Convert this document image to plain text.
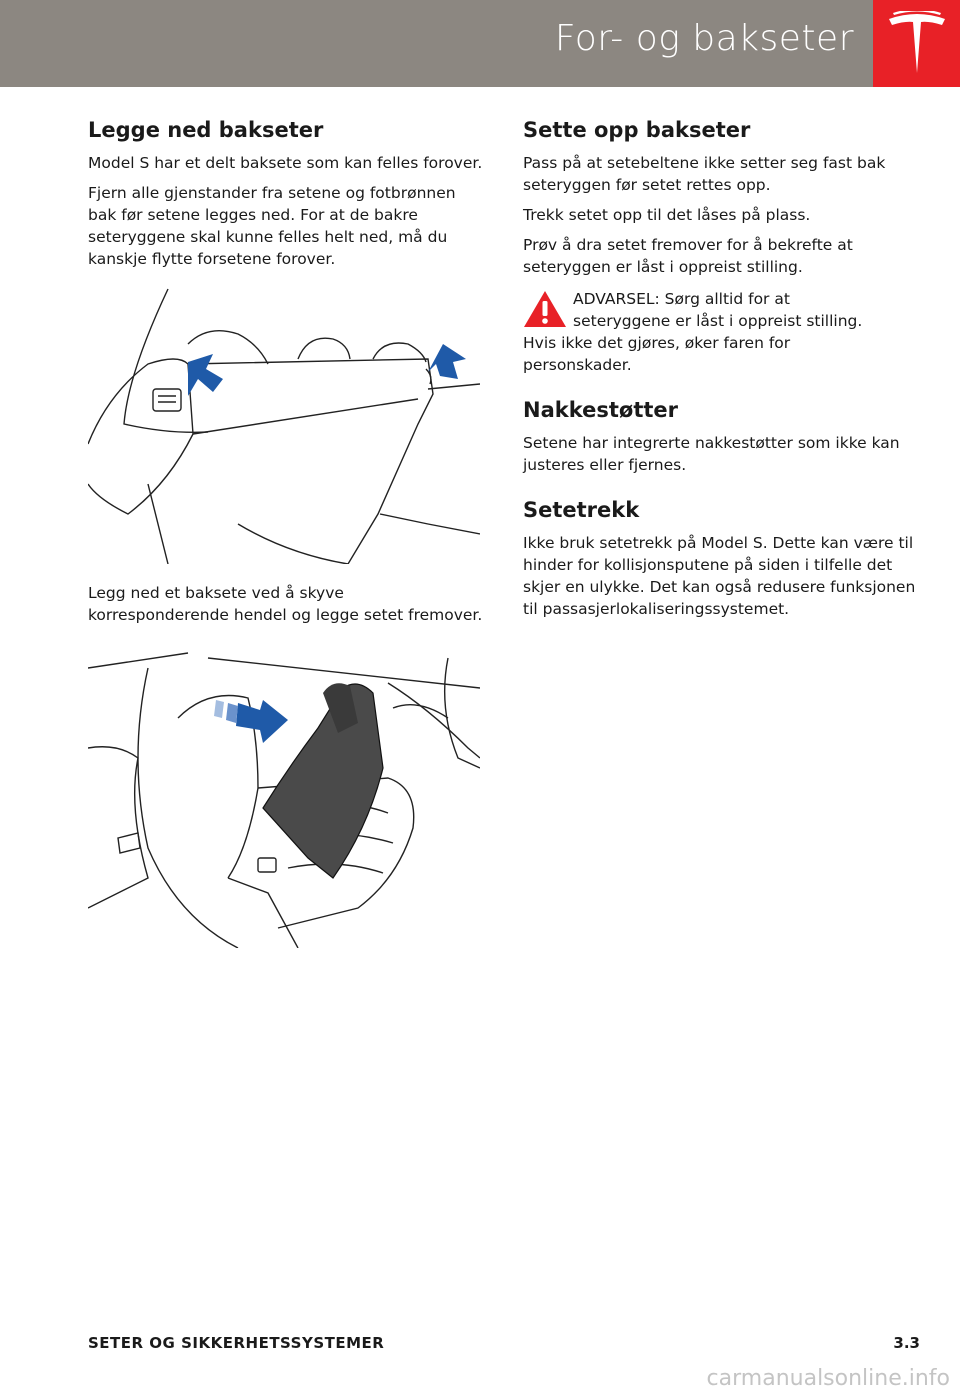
For- og bakseter
Legge ned bakseter

Model S har et delt baksete som kan felles forover.

Fjern alle gjenstander fra setene og fotbrønnen bak før setene legges ned. For at de bakre seteryggene skal kunne felles helt ned, må du kanskje flytte forsetene forover.

Legg ned et baksete ved å skyve korresponderende hendel og legge setet fremover.

Sette opp bakseter

Pass på at setebeltene ikke setter seg fast bak seteryggen før setet rettes opp.

Trekk setet opp til det låses på plass.

Prøv å dra setet fremover for å bekrefte at seteryggen er låst i oppreist stilling.

ADVARSEL: Sørg alltid for at
seteryggene er låst i oppreist stilling.
Hvis ikke det gjøres, øker faren for personskader.
Nakkestøtter

Setene har integrerte nakkestøtter som ikke kan justeres eller fjernes.

Setetrekk

Ikke bruk setetrekk på Model S. Dette kan være til hinder for kollisjonsputene på siden i tilfelle det skjer en ulykke. Det kan også redusere funksjonen til passasjerlokaliseringssystemet.

SETER OG SIKKERHETSSYSTEMER	3.3
carmanualsonline.info
